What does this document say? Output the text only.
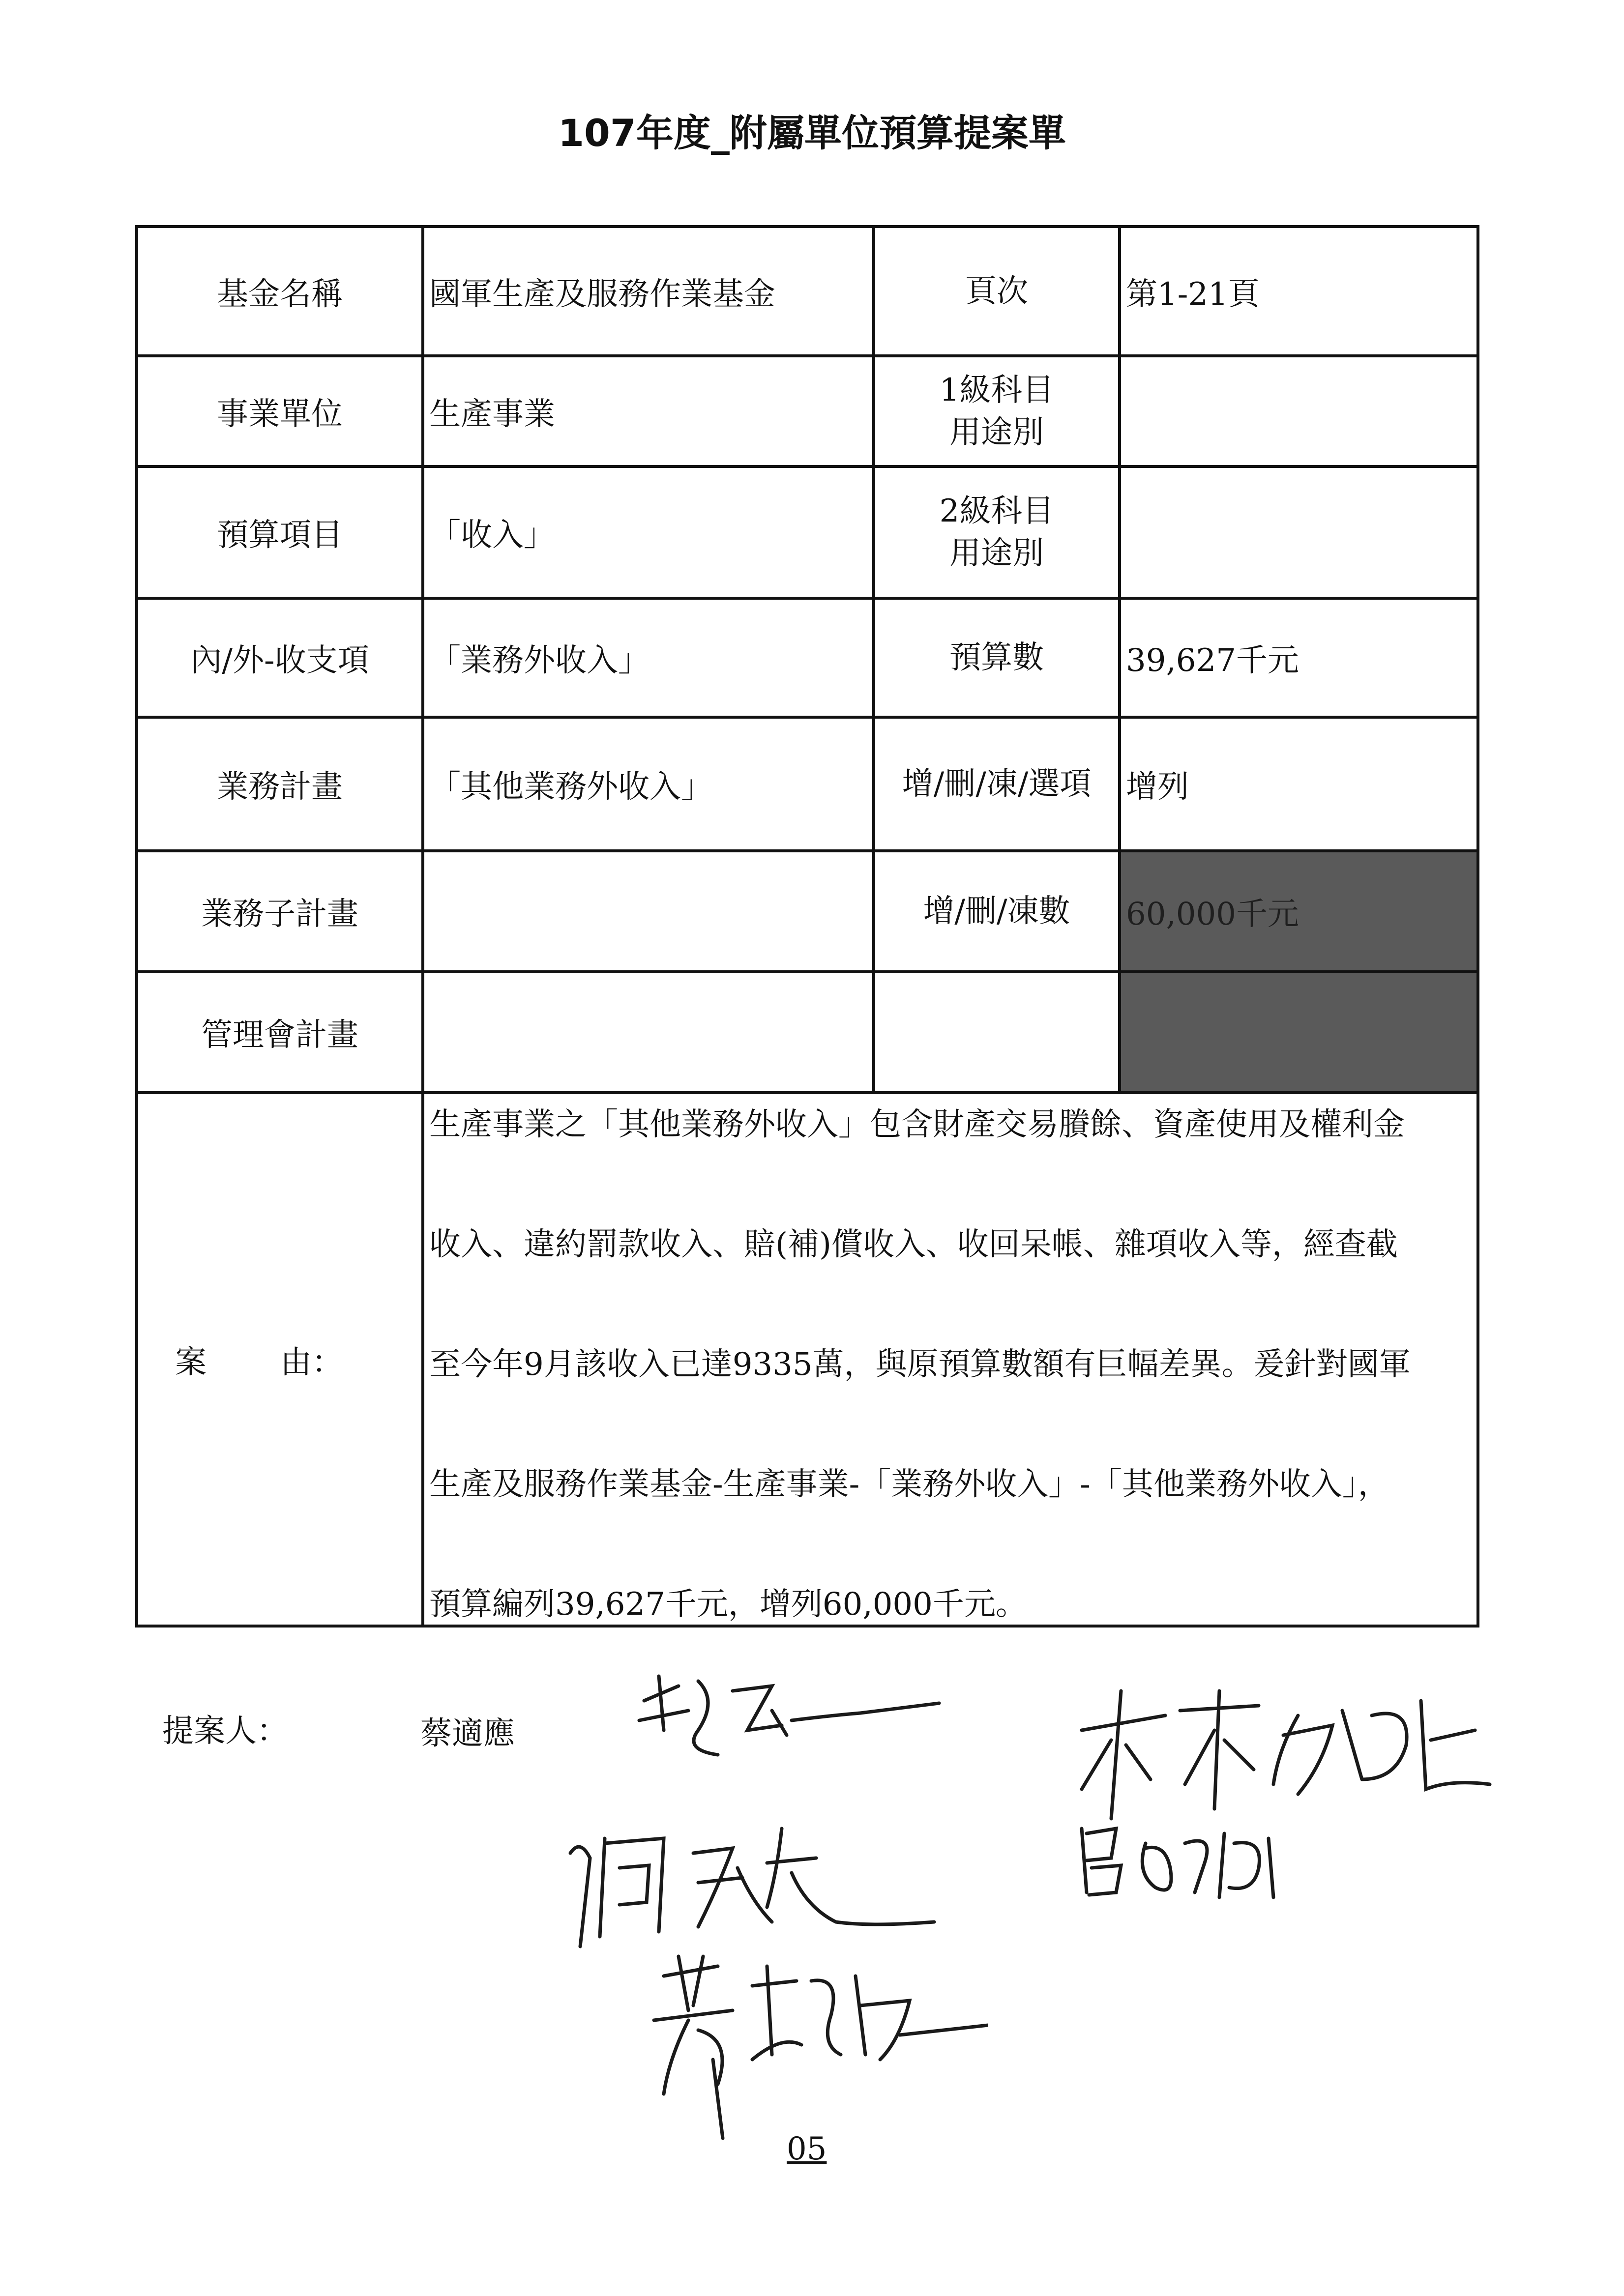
107年度_附屬單位預算提案單
基金名稱	國軍生產及服務作業基金	頁次	第1-21頁
事業單位	生產事業	1級科目
用途別	

預算項目	「收入」	2級科目
用途別	

內/外-收支項	「業務外收入」	預算數	39,627千元
業務計畫	「其他業務外收入」	增/刪/凍/選項	增列
業務子計畫		增/刪/凍數	60,000千元
管理會計畫			
案 由：	生產事業之「其他業務外收入」包含財產交易賸餘、資產使用及權利金
收入、違約罰款收入、賠(補)償收入、收回呆帳、雜項收入等，經查截
至今年9月該收入已達9335萬，與原預算數額有巨幅差異。爰針對國軍
生產及服務作業基金-生產事業-「業務外收入」-「其他業務外收入」，
預算編列39,627千元，增列60,000千元。		
提案人：	蔡適應
05
